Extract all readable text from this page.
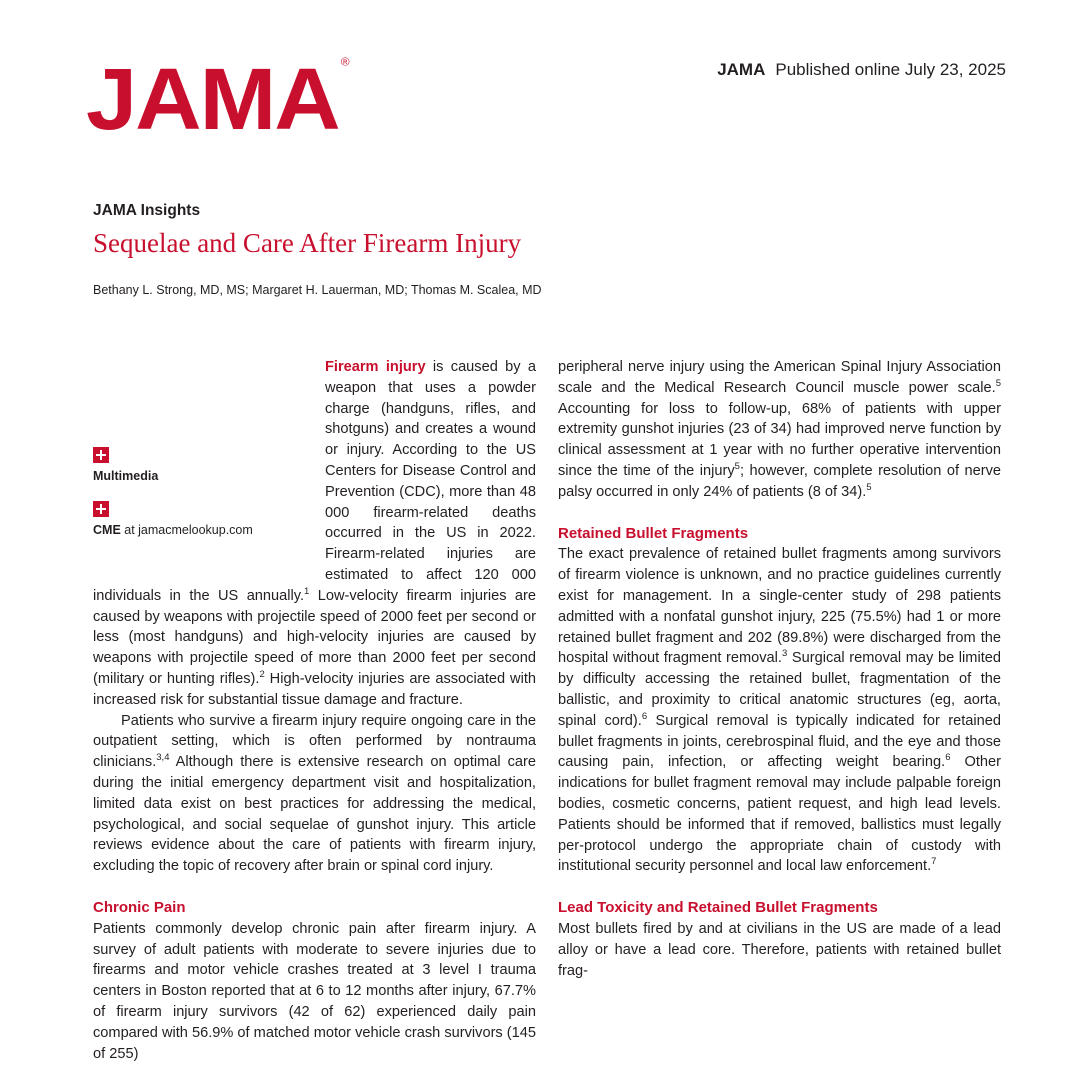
JAMA ®	JAMA Published online July 23, 2025
JAMA Insights
Sequelae and Care After Firearm Injury
Bethany L. Strong, MD, MS; Margaret H. Lauerman, MD; Thomas M. Scalea, MD

Multimedia
CME at jamacmelookup.com
Firearm injury is caused by a weapon that uses a powder charge (handguns, rifles, and shotguns) and creates a wound or injury. According to the US Centers for Disease Control and Prevention (CDC), more than 48 000 firearm-related deaths occurred in the US in 2022. Firearm-related injuries are estimated to affect 120 000 individuals in the US annually.$^1$ Low-velocity firearm injuries are caused by weapons with projectile speed of 2000 feet per second or less (most handguns) and high-velocity injuries are caused by weapons with projectile speed of more than 2000 feet per second (military or hunting rifles).$^2$ High-velocity injuries are associated with increased risk for substantial tissue damage and fracture.

Patients who survive a firearm injury require ongoing care in the outpatient setting, which is often performed by nontrauma clinicians.$^{3,4}$ Although there is extensive research on optimal care during the initial emergency department visit and hospitalization, limited data exist on best practices for addressing the medical, psychological, and social sequelae of gunshot injury. This article reviews evidence about the care of patients with firearm injury, excluding the topic of recovery after brain or spinal cord injury.

Chronic Pain

Patients commonly develop chronic pain after firearm injury. A survey of adult patients with moderate to severe injuries due to firearms and motor vehicle crashes treated at 3 level I trauma centers in Boston reported that at 6 to 12 months after injury, 67.7% of firearm injury survivors (42 of 62) experienced daily pain compared with 56.9% of matched motor vehicle crash survivors (145 of 255)

peripheral nerve injury using the American Spinal Injury Association scale and the Medical Research Council muscle power scale.$^5$ Accounting for loss to follow-up, 68% of patients with upper extremity gunshot injuries (23 of 34) had improved nerve function by clinical assessment at 1 year with no further operative intervention since the time of the injury$^5$; however, complete resolution of nerve palsy occurred in only 24% of patients (8 of 34).$^5$

Retained Bullet Fragments

The exact prevalence of retained bullet fragments among survivors of firearm violence is unknown, and no practice guidelines currently exist for management. In a single-center study of 298 patients admitted with a nonfatal gunshot injury, 225 (75.5%) had 1 or more retained bullet fragment and 202 (89.8%) were discharged from the hospital without fragment removal.$^3$ Surgical removal may be limited by difficulty accessing the retained bullet, fragmentation of the ballistic, and proximity to critical anatomic structures (eg, aorta, spinal cord).$^6$ Surgical removal is typically indicated for retained bullet fragments in joints, cerebrospinal fluid, and the eye and those causing pain, infection, or affecting weight bearing.$^6$ Other indications for bullet fragment removal may include palpable foreign bodies, cosmetic concerns, patient request, and high lead levels. Patients should be informed that if removed, ballistics must legally per-protocol undergo the appropriate chain of custody with institutional security personnel and local law enforcement.$^7$

Lead Toxicity and Retained Bullet Fragments

Most bullets fired by and at civilians in the US are made of a lead alloy or have a lead core. Therefore, patients with retained bullet frag-
